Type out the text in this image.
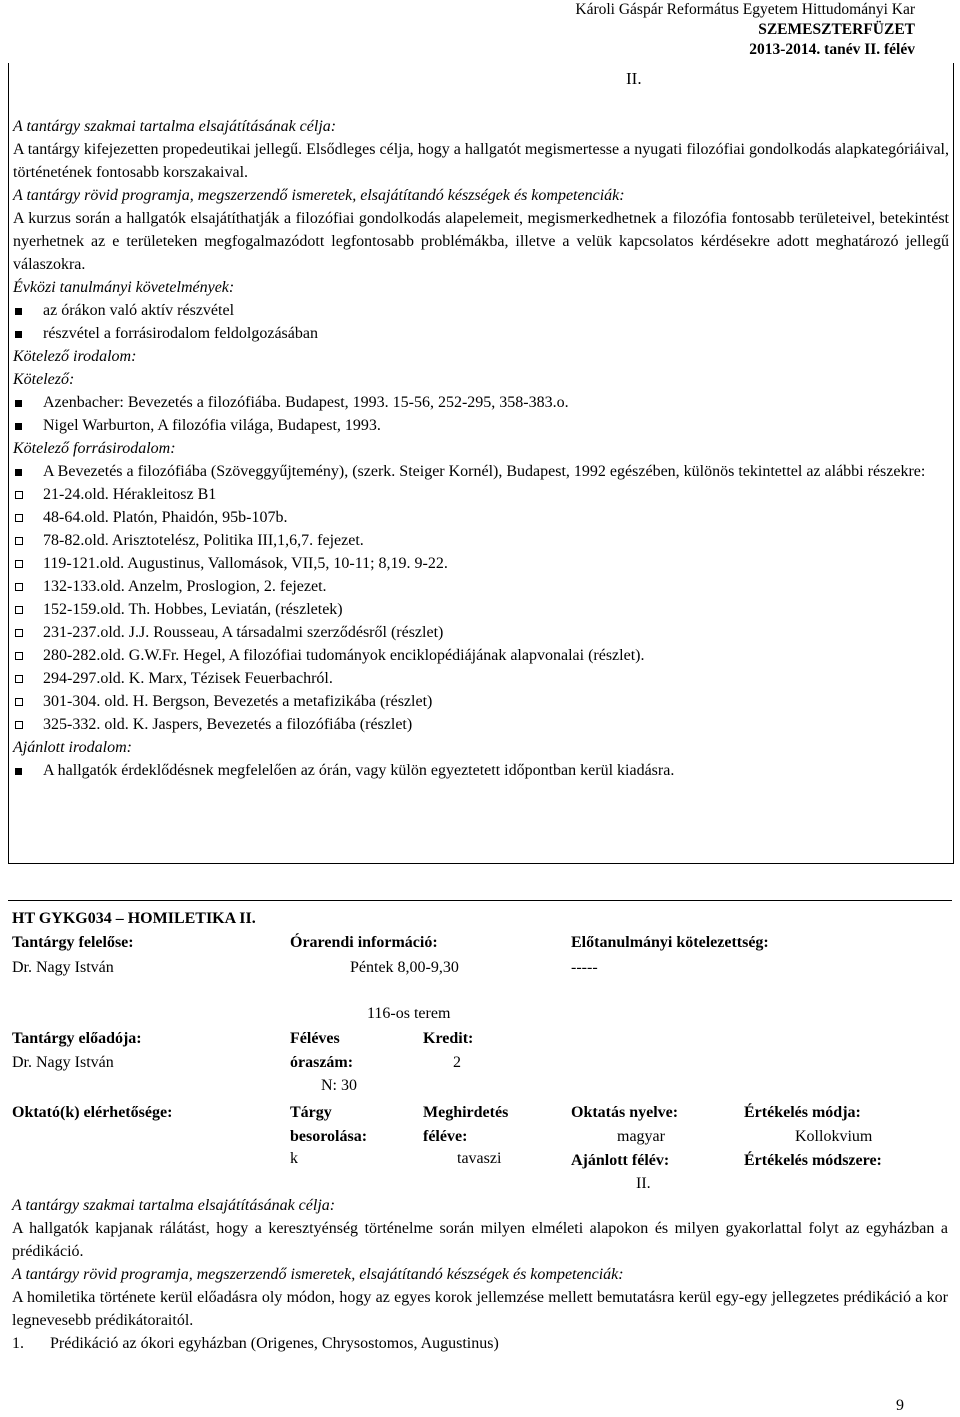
Károli Gáspár Református Egyetem Hittudományi Kar
SZEMESZTERFÜZET
2013-2014. tanév II. félév
II.
A tantárgy szakmai tartalma elsajátításának célja:
A tantárgy kifejezetten propedeutikai jellegű. Elsődleges célja, hogy a hallgatót megismertesse a nyugati filozófiai gondolkodás alapkategóriáival, történetének fontosabb korszakaival.
A tantárgy rövid programja, megszerzendő ismeretek, elsajátítandó készségek és kompetenciák:
A kurzus során a hallgatók elsajátíthatják a filozófiai gondolkodás alapelemeit, megismerkedhetnek a filozófia fontosabb területeivel, betekintést nyerhetnek az e területeken megfogalmazódott legfontosabb problémákba, illetve a velük kapcsolatos kérdésekre adott meghatározó jellegű válaszokra.
Évközi tanulmányi követelmények:
az órákon való aktív részvétel
részvétel a forrásirodalom feldolgozásában
Kötelező irodalom:
Kötelező:
Azenbacher: Bevezetés a filozófiába. Budapest, 1993. 15-56, 252-295, 358-383.o.
Nigel Warburton, A filozófia világa, Budapest, 1993.
Kötelező forrásirodalom:
A Bevezetés a filozófiába (Szöveggyűjtemény), (szerk. Steiger Kornél), Budapest, 1992 egészében, különös tekintettel az alábbi részekre:
21-24.old. Hérakleitosz B1
48-64.old. Platón, Phaidón, 95b-107b.
78-82.old. Arisztotelész, Politika III,1,6,7. fejezet.
119-121.old. Augustinus, Vallomások, VII,5, 10-11; 8,19. 9-22.
132-133.old. Anzelm, Proslogion, 2. fejezet.
152-159.old. Th. Hobbes, Leviatán, (részletek)
231-237.old. J.J. Rousseau, A társadalmi szerződésről (részlet)
280-282.old. G.W.Fr. Hegel, A filozófiai tudományok enciklopédiájának alapvonalai (részlet).
294-297.old. K. Marx, Tézisek Feuerbachról.
301-304. old. H. Bergson, Bevezetés a metafizikába (részlet)
325-332. old. K. Jaspers, Bevezetés a filozófiába (részlet)
Ajánlott irodalom:
A hallgatók érdeklődésnek megfelelően az órán, vagy külön egyeztetett időpontban kerül kiadásra.
HT GYKG034 – HOMILETIKA II.
Tantárgy felelőse:
Dr. Nagy István
Órarendi információ:
Péntek 8,00-9,30
116-os terem
Előtanulmányi kötelezettség:
-----
Tantárgy előadója:
Dr. Nagy István
Féléves
óraszám:
N: 30
Kredit:
2
Oktató(k) elérhetősége:	Tárgy
besorolása:
k
Meghirdetés
féléve:
tavaszi
Oktatás nyelve:
magyar
Ajánlott félév:
II.
Értékelés módja:
Kollokvium
Értékelés módszere:
A tantárgy szakmai tartalma elsajátításának célja:
A hallgatók kapjanak rálátást, hogy a keresztyénség történelme során milyen elméleti alapokon és milyen gyakorlattal folyt az egyházban a prédikáció.
A tantárgy rövid programja, megszerzendő ismeretek, elsajátítandó készségek és kompetenciák:
A homiletika története kerül előadásra oly módon, hogy az egyes korok jellemzése mellett bemutatásra kerül egy-egy jellegzetes prédikáció a kor legnevesebb prédikátoraitól.
1. Prédikáció az ókori egyházban (Origenes, Chrysostomos, Augustinus)
9
